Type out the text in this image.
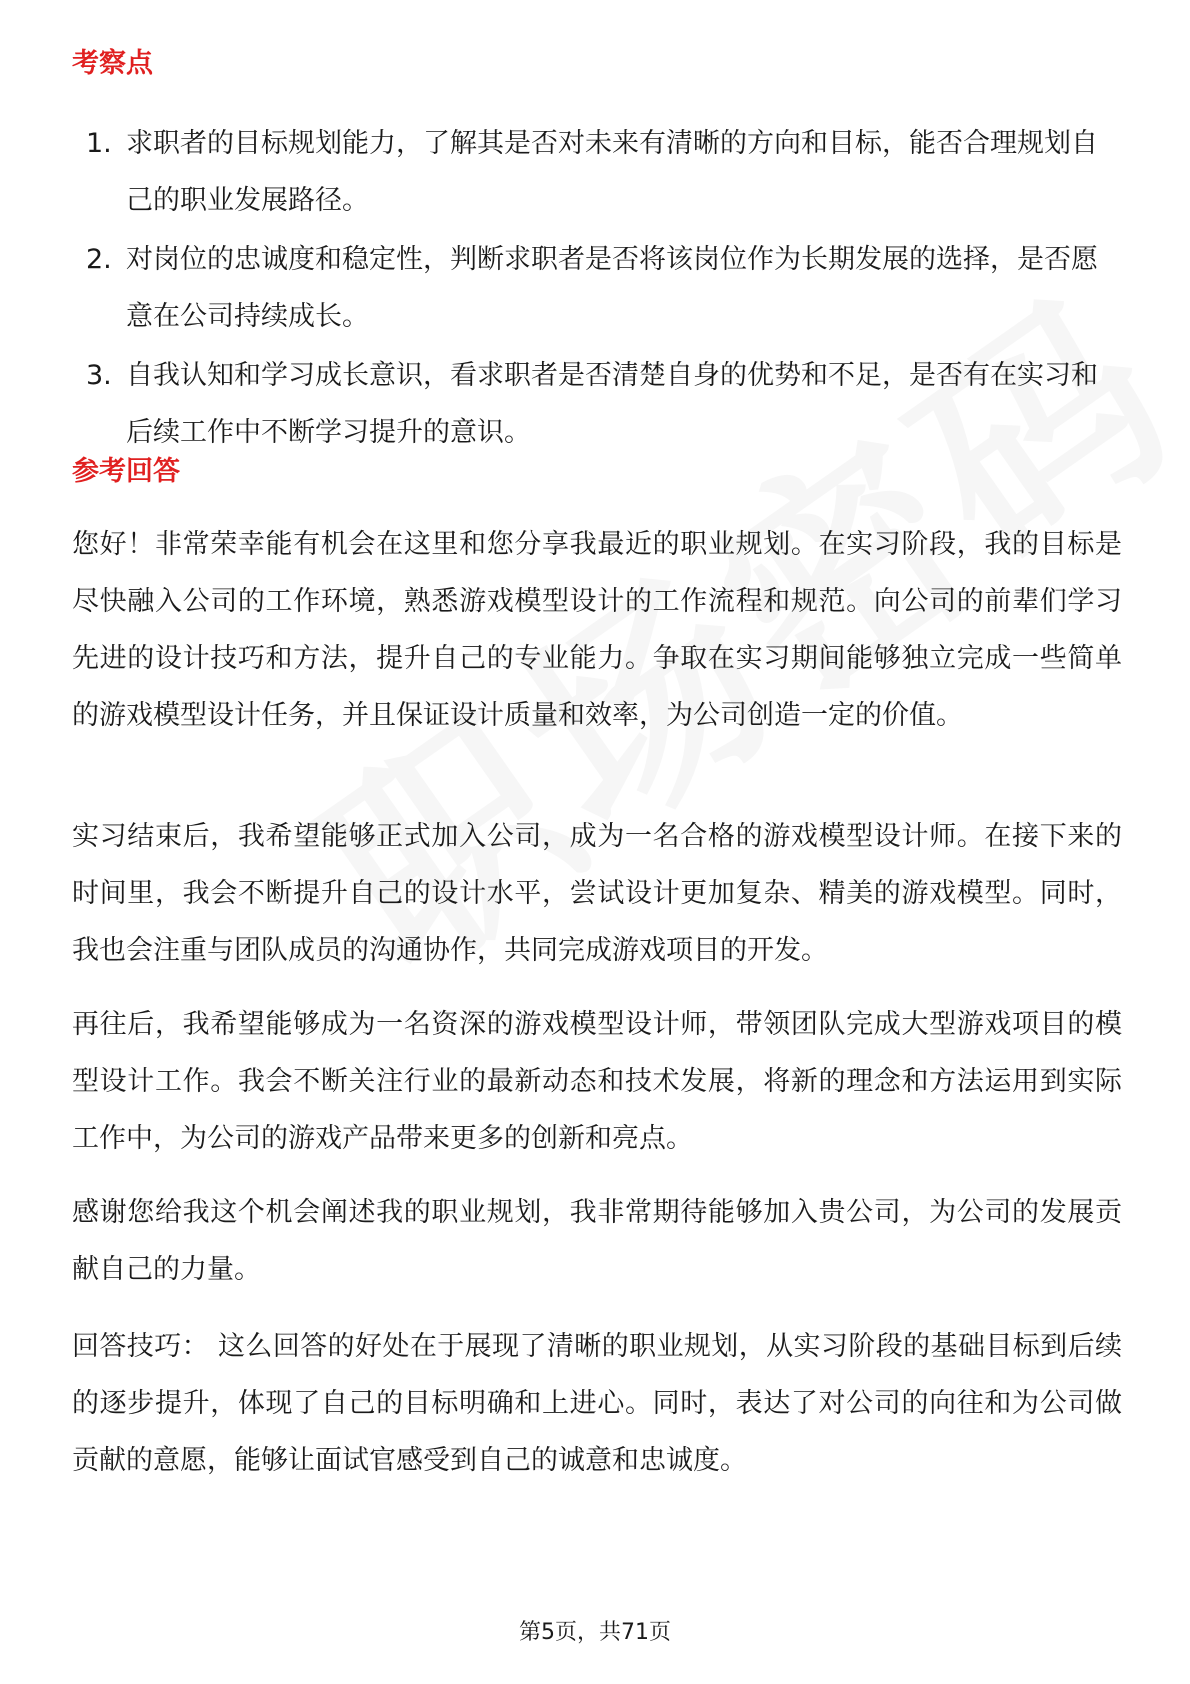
考察点
1. 求职者的目标规划能力，了解其是否对未来有清晰的方向和目标，能否合理规划自己的职业发展路径。
2. 对岗位的忠诚度和稳定性，判断求职者是否将该岗位作为长期发展的选择，是否愿意在公司持续成长。
3. 自我认知和学习成长意识，看求职者是否清楚自身的优势和不足，是否有在实习和后续工作中不断学习提升的意识。
参考回答

您好！非常荣幸能有机会在这里和您分享我最近的职业规划。在实习阶段，我的目标是尽快融入公司的工作环境，熟悉游戏模型设计的工作流程和规范。向公司的前辈们学习先进的设计技巧和方法，提升自己的专业能力。争取在实习期间能够独立完成一些简单的游戏模型设计任务，并且保证设计质量和效率，为公司创造一定的价值。

实习结束后，我希望能够正式加入公司，成为一名合格的游戏模型设计师。在接下来的时间里，我会不断提升自己的设计水平，尝试设计更加复杂、精美的游戏模型。同时，我也会注重与团队成员的沟通协作，共同完成游戏项目的开发。

再往后，我希望能够成为一名资深的游戏模型设计师，带领团队完成大型游戏项目的模型设计工作。我会不断关注行业的最新动态和技术发展，将新的理念和方法运用到实际工作中，为公司的游戏产品带来更多的创新和亮点。

感谢您给我这个机会阐述我的职业规划，我非常期待能够加入贵公司，为公司的发展贡献自己的力量。

回答技巧： 这么回答的好处在于展现了清晰的职业规划，从实习阶段的基础目标到后续的逐步提升，体现了自己的目标明确和上进心。同时，表达了对公司的向往和为公司做贡献的意愿，能够让面试官感受到自己的诚意和忠诚度。

第5页，共71页
